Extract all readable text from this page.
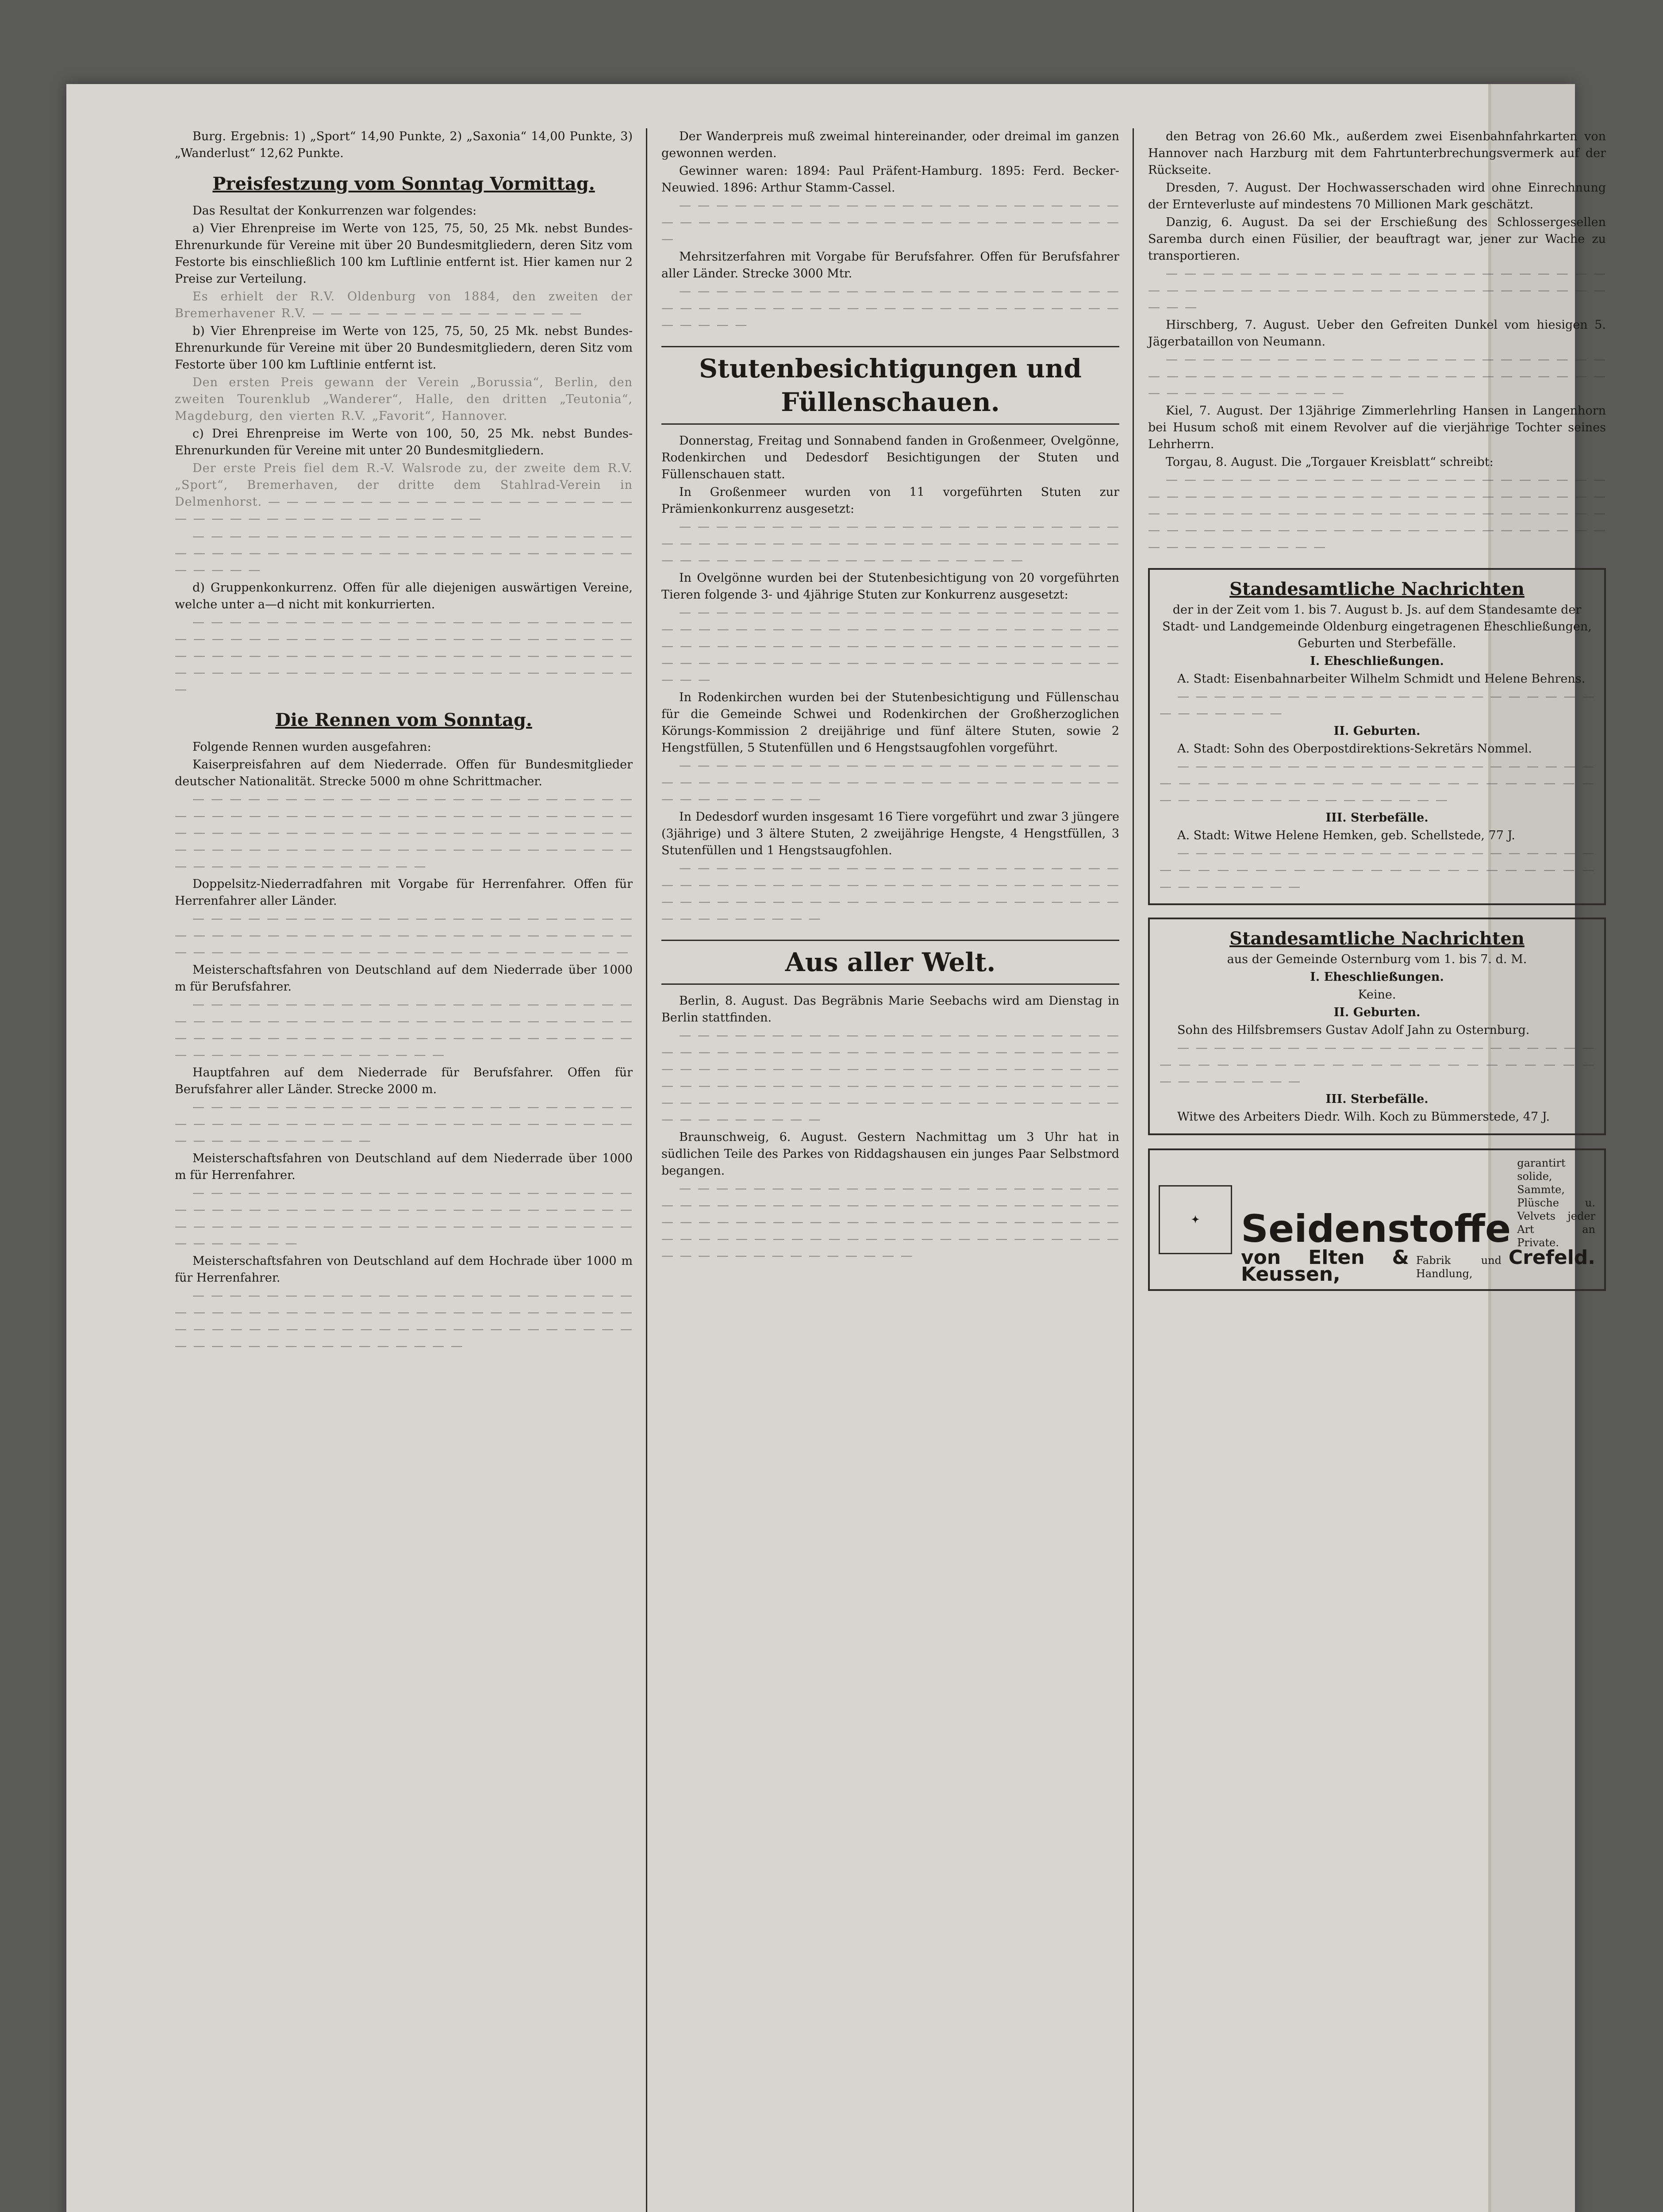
Burg. Ergebnis: 1) „Sport“ 14,90 Punkte, 2) „Saxonia“ 14,00 Punkte, 3) „Wanderlust“ 12,62 Punkte.

Preisfestzung vom Sonntag Vormittag.

Das Resultat der Konkurrenzen war folgendes:

a) Vier Ehrenpreise im Werte von 125, 75, 50, 25 Mk. nebst Bundes-Ehrenurkunde für Vereine mit über 20 Bundesmitgliedern, deren Sitz vom Festorte bis einschließlich 100 km Luftlinie entfernt ist. Hier kamen nur 2 Preise zur Verteilung.

Es erhielt der R.V. Oldenburg von 1884, den zweiten der Bremerhavener R.V. — — — — — — — — — — — — — — —

b) Vier Ehrenpreise im Werte von 125, 75, 50, 25 Mk. nebst Bundes-Ehrenurkunde für Vereine mit über 20 Bundesmitgliedern, deren Sitz vom Festorte über 100 km Luftlinie entfernt ist.

Den ersten Preis gewann der Verein „Borussia“, Berlin, den zweiten Tourenklub „Wanderer“, Halle, den dritten „Teutonia“, Magdeburg, den vierten R.V. „Favorit“, Hannover.

c) Drei Ehrenpreise im Werte von 100, 50, 25 Mk. nebst Bundes-Ehrenurkunden für Vereine mit unter 20 Bundesmitgliedern.

Der erste Preis fiel dem R.-V. Walsrode zu, der zweite dem R.V. „Sport“, Bremerhaven, der dritte dem Stahlrad-Verein in Delmenhorst. — — — — — — — — — — — — — — — — — — — — — — — — — — — — — — — — — — — — —

— — — — — — — — — — — — — — — — — — — — — — — — — — — — — — — — — — — — — — — — — — — — — — — — — — — — — —

d) Gruppenkonkurrenz. Offen für alle diejenigen auswärtigen Vereine, welche unter a—d nicht mit konkurrierten.

— — — — — — — — — — — — — — — — — — — — — — — — — — — — — — — — — — — — — — — — — — — — — — — — — — — — — — — — — — — — — — — — — — — — — — — — — — — — — — — — — — — — — — — — — — — — — — — — — — — —

Die Rennen vom Sonntag.

Folgende Rennen wurden ausgefahren:

Kaiserpreisfahren auf dem Niederrade. Offen für Bundesmitglieder deutscher Nationalität. Strecke 5000 m ohne Schrittmacher.

— — — — — — — — — — — — — — — — — — — — — — — — — — — — — — — — — — — — — — — — — — — — — — — — — — — — — — — — — — — — — — — — — — — — — — — — — — — — — — — — — — — — — — — — — — — — — — — — — — — — — — — — — — — — — — — — —

Doppelsitz-Niederradfahren mit Vorgabe für Herrenfahrer. Offen für Herrenfahrer aller Länder.

— — — — — — — — — — — — — — — — — — — — — — — — — — — — — — — — — — — — — — — — — — — — — — — — — — — — — — — — — — — — — — — — — — — — — — — — — —

Meisterschaftsfahren von Deutschland auf dem Niederrade über 1000 m für Berufsfahrer.

— — — — — — — — — — — — — — — — — — — — — — — — — — — — — — — — — — — — — — — — — — — — — — — — — — — — — — — — — — — — — — — — — — — — — — — — — — — — — — — — — — — — — — — — —

Hauptfahren auf dem Niederrade für Berufsfahrer. Offen für Berufsfahrer aller Länder. Strecke 2000 m.

— — — — — — — — — — — — — — — — — — — — — — — — — — — — — — — — — — — — — — — — — — — — — — — — — — — — — — — — — — — —

Meisterschaftsfahren von Deutschland auf dem Niederrade über 1000 m für Herrenfahrer.

— — — — — — — — — — — — — — — — — — — — — — — — — — — — — — — — — — — — — — — — — — — — — — — — — — — — — — — — — — — — — — — — — — — — — — — — — — — — — — — — —

Meisterschaftsfahren von Deutschland auf dem Hochrade über 1000 m für Herrenfahrer.

— — — — — — — — — — — — — — — — — — — — — — — — — — — — — — — — — — — — — — — — — — — — — — — — — — — — — — — — — — — — — — — — — — — — — — — — — — — — — — — — — — — — — — — — — —

Der Wanderpreis muß zweimal hintereinander, oder dreimal im ganzen gewonnen werden.

Gewinner waren: 1894: Paul Präfent-Hamburg. 1895: Ferd. Becker-Neuwied. 1896: Arthur Stamm-Cassel.

— — — — — — — — — — — — — — — — — — — — — — — — — — — — — — — — — — — — — — — — — — — — — — — — — —

Mehrsitzerfahren mit Vorgabe für Berufsfahrer. Offen für Berufsfahrer aller Länder. Strecke 3000 Mtr.

— — — — — — — — — — — — — — — — — — — — — — — — — — — — — — — — — — — — — — — — — — — — — — — — — — — — — —

Stutenbesichtigungen und Füllenschauen.

Donnerstag, Freitag und Sonnabend fanden in Großenmeer, Ovelgönne, Rodenkirchen und Dedesdorf Besichtigungen der Stuten und Füllenschauen statt.

In Großenmeer wurden von 11 vorgeführten Stuten zur Prämienkonkurrenz ausgesetzt:

— — — — — — — — — — — — — — — — — — — — — — — — — — — — — — — — — — — — — — — — — — — — — — — — — — — — — — — — — — — — — — — — — — — — —

In Ovelgönne wurden bei der Stutenbesichtigung von 20 vorgeführten Tieren folgende 3- und 4jährige Stuten zur Konkurrenz ausgesetzt:

— — — — — — — — — — — — — — — — — — — — — — — — — — — — — — — — — — — — — — — — — — — — — — — — — — — — — — — — — — — — — — — — — — — — — — — — — — — — — — — — — — — — — — — — — — — — — — — — — — — — — —

In Rodenkirchen wurden bei der Stutenbesichtigung und Füllenschau für die Gemeinde Schwei und Rodenkirchen der Großherzoglichen Körungs-Kommission 2 dreijährige und fünf ältere Stuten, sowie 2 Hengstfüllen, 5 Stutenfüllen und 6 Hengstsaugfohlen vorgeführt.

— — — — — — — — — — — — — — — — — — — — — — — — — — — — — — — — — — — — — — — — — — — — — — — — — — — — — — — — — —

In Dedesdorf wurden insgesamt 16 Tiere vorgeführt und zwar 3 jüngere (3jährige) und 3 ältere Stuten, 2 zweijährige Hengste, 4 Hengstfüllen, 3 Stutenfüllen und 1 Hengstsaugfohlen.

— — — — — — — — — — — — — — — — — — — — — — — — — — — — — — — — — — — — — — — — — — — — — — — — — — — — — — — — — — — — — — — — — — — — — — — — — — — — — — — — — — —

Aus aller Welt.

Berlin, 8. August. Das Begräbnis Marie Seebachs wird am Dienstag in Berlin stattfinden.

— — — — — — — — — — — — — — — — — — — — — — — — — — — — — — — — — — — — — — — — — — — — — — — — — — — — — — — — — — — — — — — — — — — — — — — — — — — — — — — — — — — — — — — — — — — — — — — — — — — — — — — — — — — — — — — — — — — — — — — — — — — — — — — — — — — — —

Braunschweig, 6. August. Gestern Nachmittag um 3 Uhr hat in südlichen Teile des Parkes von Riddagshausen ein junges Paar Selbstmord begangen.

— — — — — — — — — — — — — — — — — — — — — — — — — — — — — — — — — — — — — — — — — — — — — — — — — — — — — — — — — — — — — — — — — — — — — — — — — — — — — — — — — — — — — — — — — — — — — — — — — — — — — — — — — — — — — — — — —

den Betrag von 26.60 Mk., außerdem zwei Eisenbahnfahrkarten von Hannover nach Harzburg mit dem Fahrtunterbrechungsvermerk auf der Rückseite.

Dresden, 7. August. Der Hochwasserschaden wird ohne Einrechnung der Ernteverluste auf mindestens 70 Millionen Mark geschätzt.

Danzig, 6. August. Da sei der Erschießung des Schlossergesellen Saremba durch einen Füsilier, der beauftragt war, jener zur Wache zu transportieren.

— — — — — — — — — — — — — — — — — — — — — — — — — — — — — — — — — — — — — — — — — — — — — — — — — — — —

Hirschberg, 7. August. Ueber den Gefreiten Dunkel vom hiesigen 5. Jägerbataillon von Neumann.

— — — — — — — — — — — — — — — — — — — — — — — — — — — — — — — — — — — — — — — — — — — — — — — — — — — — — — — — — — — —

Kiel, 7. August. Der 13jährige Zimmerlehrling Hansen in Langenhorn bei Husum schoß mit einem Revolver auf die vierjährige Tochter seines Lehrherrn.

Torgau, 8. August. Die „Torgauer Kreisblatt“ schreibt:

— — — — — — — — — — — — — — — — — — — — — — — — — — — — — — — — — — — — — — — — — — — — — — — — — — — — — — — — — — — — — — — — — — — — — — — — — — — — — — — — — — — — — — — — — — — — — — — — — — — — — — — — — — — — —

Standesamtliche Nachrichten

der in der Zeit vom 1. bis 7. August b. Js. auf dem Standesamte der Stadt- und Landgemeinde Oldenburg eingetragenen Eheschließungen, Geburten und Sterbefälle.

I. Eheschließungen.

A. Stadt: Eisenbahnarbeiter Wilhelm Schmidt und Helene Behrens.

— — — — — — — — — — — — — — — — — — — — — — — — — — — — — —

II. Geburten.

A. Stadt: Sohn des Oberpostdirektions-Sekretärs Nommel.

— — — — — — — — — — — — — — — — — — — — — — — — — — — — — — — — — — — — — — — — — — — — — — — — — — — — — — — — — — — — — —

III. Sterbefälle.

A. Stadt: Witwe Helene Hemken, geb. Schellstede, 77 J.

— — — — — — — — — — — — — — — — — — — — — — — — — — — — — — — — — — — — — — — — — — — — — — — — — — — — — —

Standesamtliche Nachrichten

aus der Gemeinde Osternburg vom 1. bis 7. d. M.

I. Eheschließungen.

Keine.

II. Geburten.

Sohn des Hilfsbremsers Gustav Adolf Jahn zu Osternburg.

— — — — — — — — — — — — — — — — — — — — — — — — — — — — — — — — — — — — — — — — — — — — — — — — — — — — — —

III. Sterbefälle.

Witwe des Arbeiters Diedr. Wilh. Koch zu Bümmerstede, 47 J.

✦	Seidenstoffe
garantirt solide, Sammte, Plüsche u. Velvets jeder Art an Private.
von Elten & Keussen,
Fabrik und Handlung,
Crefeld.
